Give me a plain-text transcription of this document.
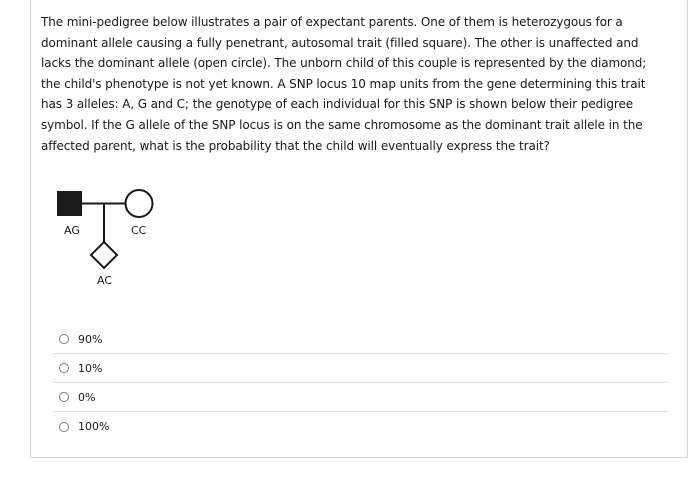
The mini-pedigree below illustrates a pair of expectant parents. One of them is heterozygous for a dominant allele causing a fully penetrant, autosomal trait (filled square). The other is unaffected and lacks the dominant allele (open circle). The unborn child of this couple is represented by the diamond; the child's phenotype is not yet known. A SNP locus 10 map units from the gene determining this trait has 3 alleles: A, G and C; the genotype of each individual for this SNP is shown below their pedigree symbol. If the G allele of the SNP locus is on the same chromosome as the dominant trait allele in the affected parent, what is the probability that the child will eventually express the trait?

AG	CC
AC
90%
10%
0%
100%
